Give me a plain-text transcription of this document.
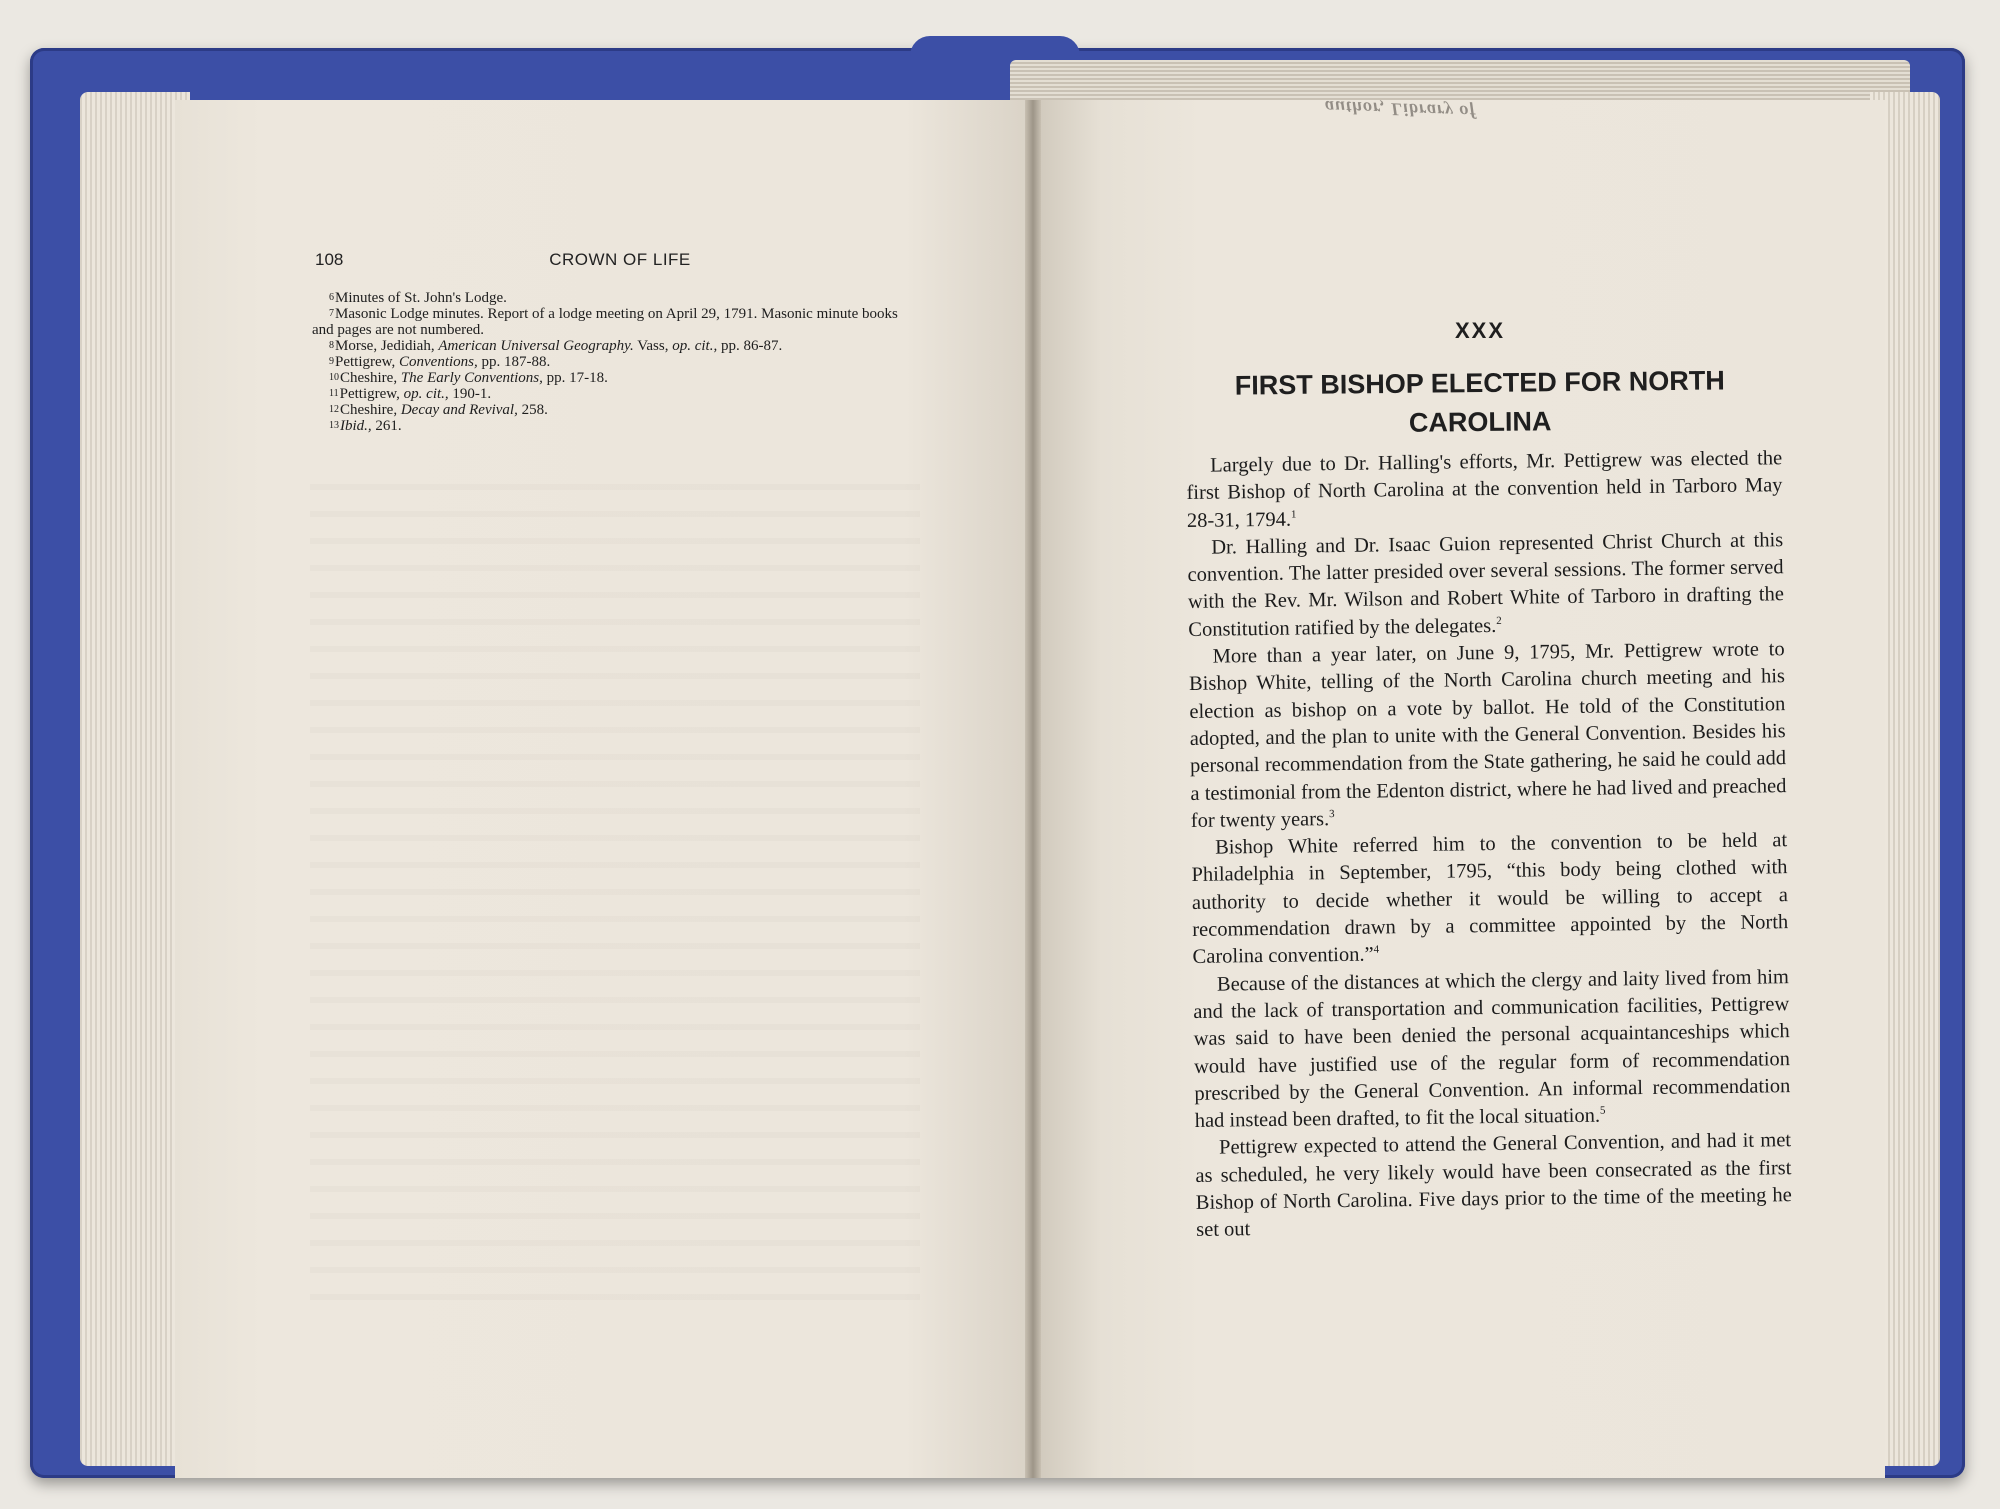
author, Library of
108	CROWN OF LIFE

6Minutes of St. John's Lodge.

7Masonic Lodge minutes. Report of a lodge meeting on April 29, 1791. Masonic minute books and pages are not numbered.

8Morse, Jedidiah, American Universal Geography. Vass, op. cit., pp. 86-87.

9Pettigrew, Conventions, pp. 187-88.

10Cheshire, The Early Conventions, pp. 17-18.

11Pettigrew, op. cit., 190-1.

12Cheshire, Decay and Revival, 258.

13Ibid., 261.

XXX
FIRST BISHOP ELECTED FOR NORTH CAROLINA

Largely due to Dr. Halling's efforts, Mr. Pettigrew was elected the first Bishop of North Carolina at the convention held in Tarboro May 28-31, 1794.$^1$

Dr. Halling and Dr. Isaac Guion represented Christ Church at this convention. The latter presided over several sessions. The former served with the Rev. Mr. Wilson and Robert White of Tarboro in drafting the Constitution ratified by the delegates.$^2$

More than a year later, on June 9, 1795, Mr. Pettigrew wrote to Bishop White, telling of the North Carolina church meeting and his election as bishop on a vote by ballot. He told of the Constitution adopted, and the plan to unite with the General Convention. Besides his personal recommendation from the State gathering, he said he could add a testimonial from the Edenton district, where he had lived and preached for twenty years.$^3$

Bishop White referred him to the convention to be held at Philadelphia in September, 1795, “this body being clothed with authority to decide whether it would be willing to accept a recommendation drawn by a committee appointed by the North Carolina convention.”$^4$

Because of the distances at which the clergy and laity lived from him and the lack of transportation and communication facilities, Pettigrew was said to have been denied the personal acquaintanceships which would have justified use of the regular form of recommendation prescribed by the General Convention. An informal recommendation had instead been drafted, to fit the local situation.$^5$

Pettigrew expected to attend the General Convention, and had it met as scheduled, he very likely would have been consecrated as the first Bishop of North Carolina. Five days prior to the time of the meeting he set out
